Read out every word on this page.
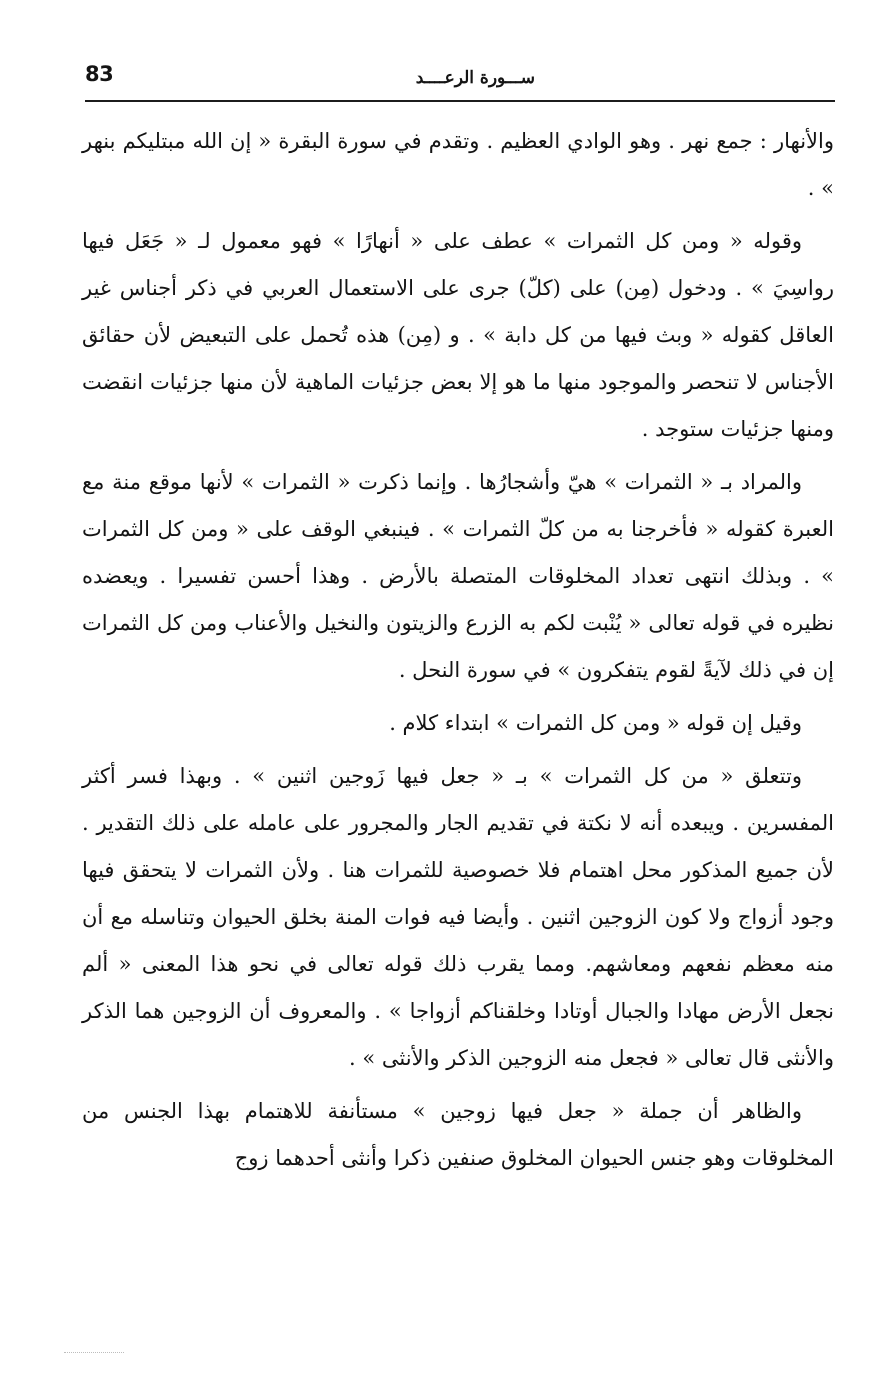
83	ســـورة الرعــــد

والأنهار : جمع نهر . وهو الوادي العظيم . وتقدم في سورة البقرة « إن الله مبتليكم بنهر » .

وقوله « ومن كل الثمرات » عطف على « أنهارًا » فهو معمول لـ « جَعَل فيها رواسِيَ » . ودخول (مِن) على (كلّ) جرى على الاستعمال العربي في ذكر أجناس غير العاقل كقوله « وبث فيها من كل دابة » . و (مِن) هذه تُحمل على التبعيض لأن حقائق الأجناس لا تنحصر والموجود منها ما هو إلا بعض جزئيات الماهية لأن منها جزئيات انقضت ومنها جزئيات ستوجد .

والمراد بـ « الثمرات » هيّ وأشجارُها . وإنما ذكرت « الثمرات » لأنها موقع منة مع العبرة كقوله « فأخرجنا به من كلّ الثمرات » . فينبغي الوقف على « ومن كل الثمرات » . وبذلك انتهى تعداد المخلوقات المتصلة بالأرض . وهذا أحسن تفسيرا . ويعضده نظيره في قوله تعالى « يُنْبت لكم به الزرع والزيتون والنخيل والأعناب ومن كل الثمرات إن في ذلك لآيةً لقوم يتفكرون » في سورة النحل .

وقيل إن قوله « ومن كل الثمرات » ابتداء كلام .

وتتعلق « من كل الثمرات » بـ « جعل فيها زَوجين اثنين » . وبهذا فسر أكثر المفسرين . ويبعده أنه لا نكتة في تقديم الجار والمجرور على عامله على ذلك التقدير . لأن جميع المذكور محل اهتمام فلا خصوصية للثمرات هنا . ولأن الثمرات لا يتحقق فيها وجود أزواج ولا كون الزوجين اثنين . وأيضا فيه فوات المنة بخلق الحيوان وتناسله مع أن منه معظم نفعهم ومعاشهم. ومما يقرب ذلك قوله تعالى في نحو هذا المعنى « ألم نجعل الأرض مهادا والجبال أوتادا وخلقناكم أزواجا » . والمعروف أن الزوجين هما الذكر والأنثى قال تعالى « فجعل منه الزوجين الذكر والأنثى » .

والظاهر أن جملة « جعل فيها زوجين » مستأنفة للاهتمام بهذا الجنس من المخلوقات وهو جنس الحيوان المخلوق صنفين ذكرا وأنثى أحدهما زوج
